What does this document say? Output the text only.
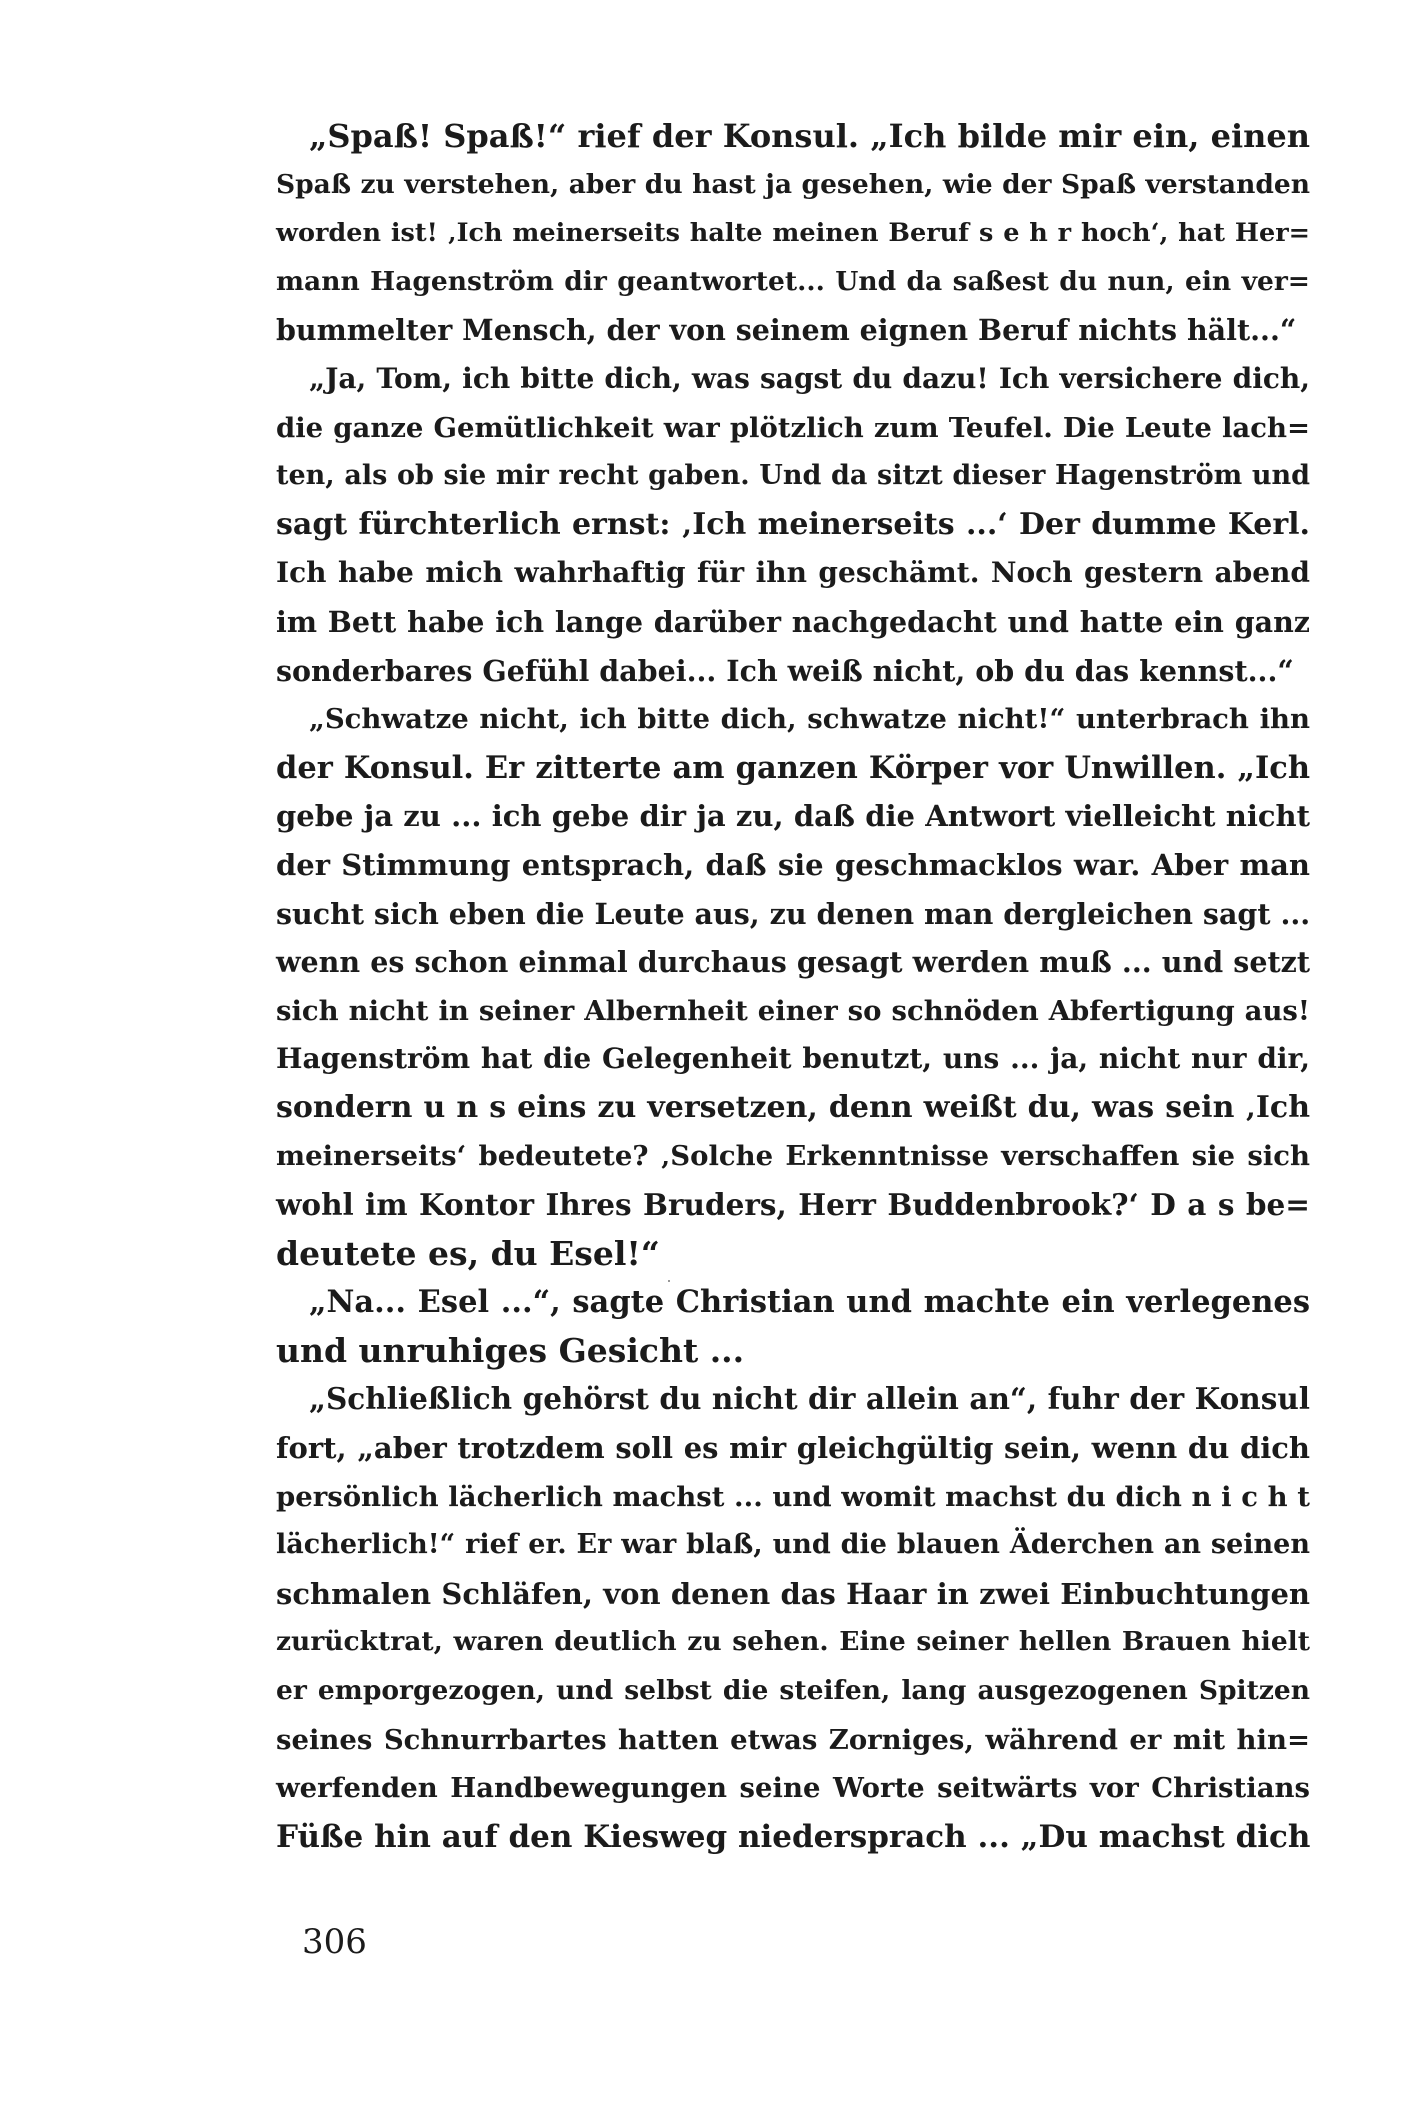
„Spaß! Spaß!“ rief der Konsul. „Ich bilde mir ein, einen
Spaß zu verstehen, aber du hast ja gesehen, wie der Spaß verstanden
worden ist! ‚Ich meinerseits halte meinen Beruf s e h r hoch‘, hat Her=
mann Hagenström dir geantwortet... Und da saßest du nun, ein ver=
bummelter Mensch, der von seinem eignen Beruf nichts hält...“
„Ja, Tom, ich bitte dich, was sagst du dazu! Ich versichere dich,
die ganze Gemütlichkeit war plötzlich zum Teufel. Die Leute lach=
ten, als ob sie mir recht gaben. Und da sitzt dieser Hagenström und
sagt fürchterlich ernst: ‚Ich meinerseits ...‘ Der dumme Kerl.
Ich habe mich wahrhaftig für ihn geschämt. Noch gestern abend
im Bett habe ich lange darüber nachgedacht und hatte ein ganz
sonderbares Gefühl dabei... Ich weiß nicht, ob du das kennst...“
„Schwatze nicht, ich bitte dich, schwatze nicht!“ unterbrach ihn
der Konsul. Er zitterte am ganzen Körper vor Unwillen. „Ich
gebe ja zu ... ich gebe dir ja zu, daß die Antwort vielleicht nicht
der Stimmung entsprach, daß sie geschmacklos war. Aber man
sucht sich eben die Leute aus, zu denen man dergleichen sagt ...
wenn es schon einmal durchaus gesagt werden muß ... und setzt
sich nicht in seiner Albernheit einer so schnöden Abfertigung aus!
Hagenström hat die Gelegenheit benutzt, uns ... ja, nicht nur dir,
sondern u n s eins zu versetzen, denn weißt du, was sein ‚Ich
meinerseits‘ bedeutete? ‚Solche Erkenntnisse verschaffen sie sich
wohl im Kontor Ihres Bruders, Herr Buddenbrook?‘ D a s be=
deutete es, du Esel!“
„Na... Esel ...“, sagte Christian und machte ein verlegenes
und unruhiges Gesicht ...
„Schließlich gehörst du nicht dir allein an“, fuhr der Konsul
fort, „aber trotzdem soll es mir gleichgültig sein, wenn du dich
persönlich lächerlich machst ... und womit machst du dich n i c h t
lächerlich!“ rief er. Er war blaß, und die blauen Äderchen an seinen
schmalen Schläfen, von denen das Haar in zwei Einbuchtungen
zurücktrat, waren deutlich zu sehen. Eine seiner hellen Brauen hielt
er emporgezogen, und selbst die steifen, lang ausgezogenen Spitzen
seines Schnurrbartes hatten etwas Zorniges, während er mit hin=
werfenden Handbewegungen seine Worte seitwärts vor Christians
Füße hin auf den Kiesweg niedersprach ... „Du machst dich
306
